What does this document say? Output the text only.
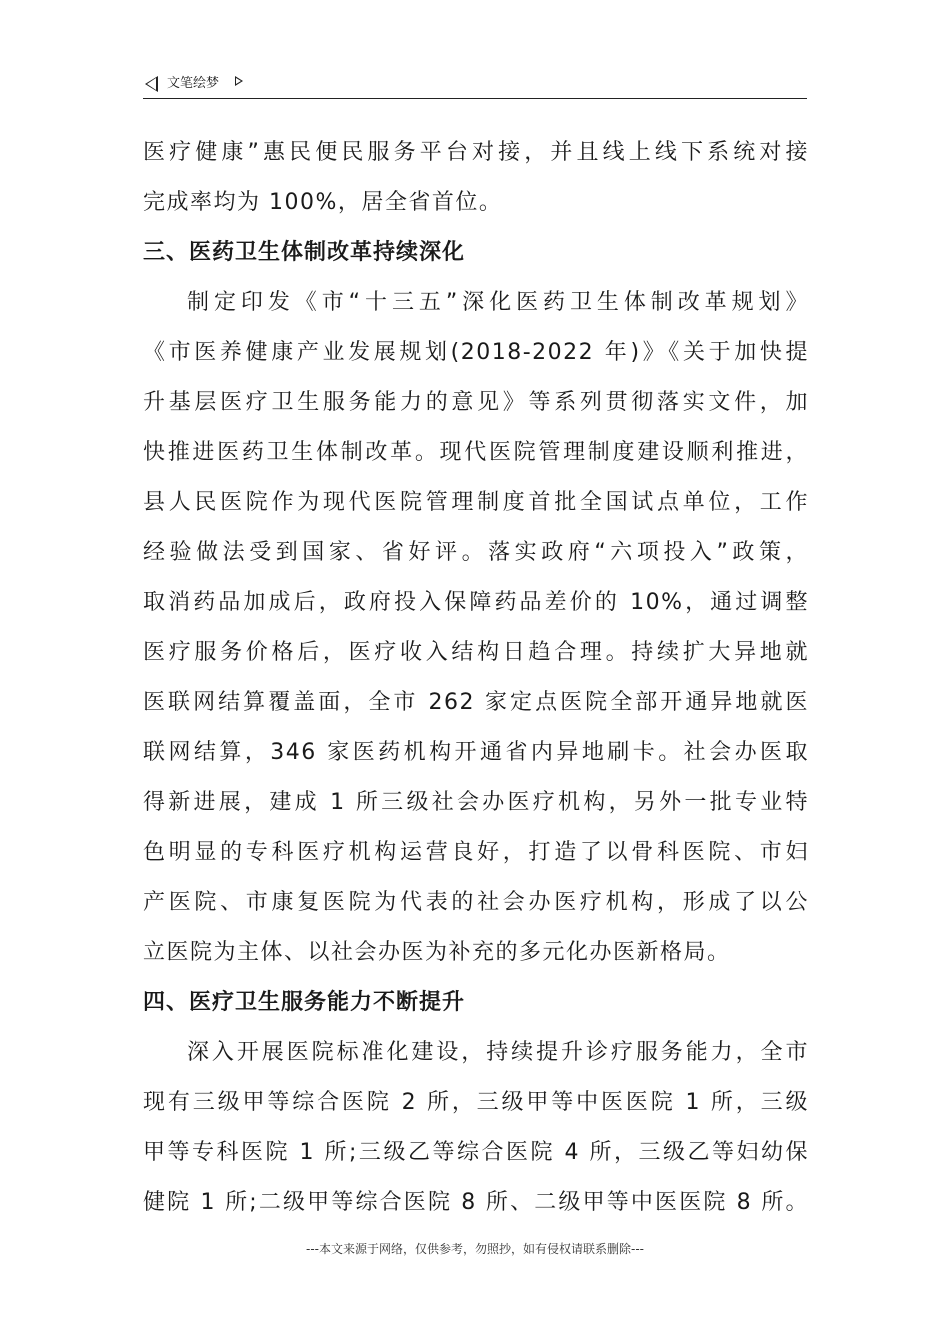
文笔绘梦
医疗健康”惠民便民服务平台对接，并且线上线下系统对接
完成率均为 100%，居全省首位。
三、医药卫生体制改革持续深化
制定印发《市“十三五”深化医药卫生体制改革规划》
《市医养健康产业发展规划(2018-2022 年)》《关于加快提
升基层医疗卫生服务能力的意见》等系列贯彻落实文件，加
快推进医药卫生体制改革。现代医院管理制度建设顺利推进，
县人民医院作为现代医院管理制度首批全国试点单位，工作
经验做法受到国家、省好评。落实政府“六项投入”政策，
取消药品加成后，政府投入保障药品差价的 10%，通过调整
医疗服务价格后，医疗收入结构日趋合理。持续扩大异地就
医联网结算覆盖面，全市 262 家定点医院全部开通异地就医
联网结算，346 家医药机构开通省内异地刷卡。社会办医取
得新进展，建成 1 所三级社会办医疗机构，另外一批专业特
色明显的专科医疗机构运营良好，打造了以骨科医院、市妇
产医院、市康复医院为代表的社会办医疗机构，形成了以公
立医院为主体、以社会办医为补充的多元化办医新格局。
四、医疗卫生服务能力不断提升
深入开展医院标准化建设，持续提升诊疗服务能力，全市
现有三级甲等综合医院 2 所，三级甲等中医医院 1 所，三级
甲等专科医院 1 所;三级乙等综合医院 4 所，三级乙等妇幼保
健院 1 所;二级甲等综合医院 8 所、二级甲等中医医院 8 所。
---本文来源于网络，仅供参考，勿照抄，如有侵权请联系删除---
